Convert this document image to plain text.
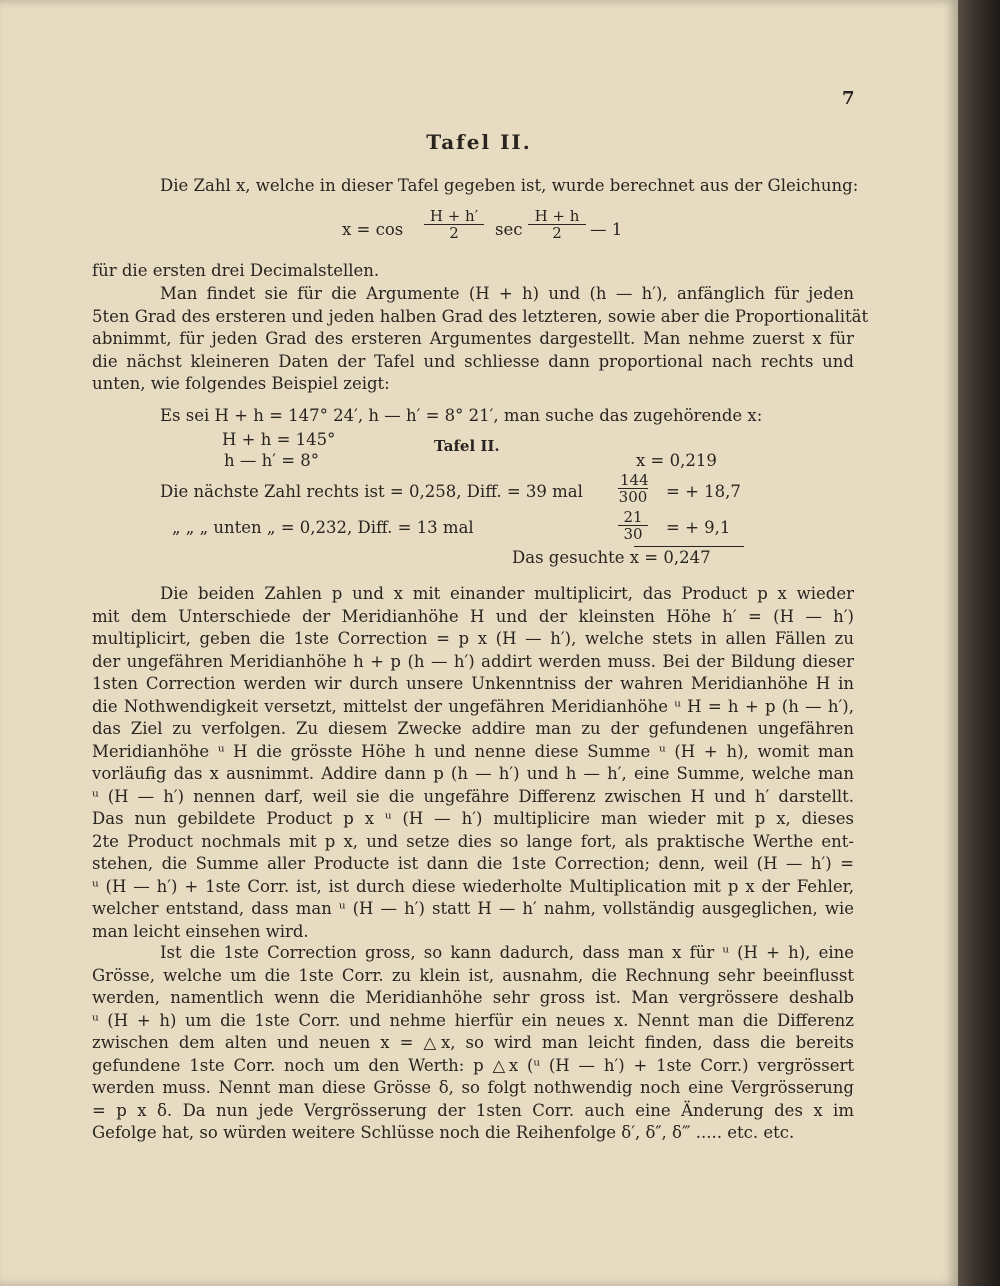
7
Tafel II.
Die Zahl x, welche in dieser Tafel gegeben ist, wurde berechnet aus der Gleichung:
$x = \cos \frac{H + h'}{2}$ $\sec \frac{H + h}{2}$ — 1
für die ersten drei Decimalstellen.
Man findet sie für die Argumente (H + h) und (h — h′), anfänglich für jeden
5ten Grad des ersteren und jeden halben Grad des letzteren, sowie aber die Proportionalität
abnimmt, für jeden Grad des ersteren Argumentes dargestellt. Man nehme zuerst x für
die nächst kleineren Daten der Tafel und schliesse dann proportional nach rechts und
unten, wie folgendes Beispiel zeigt:
Es sei H + h = 147° 24′, h — h′ = 8° 21′, man suche das zugehörende x:
H + h = 145°	Tafel II.
h — h′ = 8°	x = 0,219
Die nächste Zahl rechts ist = 0,258, Diff. = 39 mal $\frac{144}{300}$ = + 18,7
„ „ „ unten „ = 0,232, Diff. = 13 mal	$\frac{21}{30}$ = + 9,1
Das gesuchte x = 0,247
Die beiden Zahlen p und x mit einander multiplicirt, das Product p x wieder
mit dem Unterschiede der Meridianhöhe H und der kleinsten Höhe h′ = (H — h′)
multiplicirt, geben die 1ste Correction = p x (H — h′), welche stets in allen Fällen zu
der ungefähren Meridianhöhe h + p (h — h′) addirt werden muss. Bei der Bildung dieser
1sten Correction werden wir durch unsere Unkenntniss der wahren Meridianhöhe H in
die Nothwendigkeit versetzt, mittelst der ungefähren Meridianhöhe ᵘ H = h + p (h — h′),
das Ziel zu verfolgen. Zu diesem Zwecke addire man zu der gefundenen ungefähren
Meridianhöhe ᵘ H die grösste Höhe h und nenne diese Summe ᵘ (H + h), womit man
vorläufig das x ausnimmt. Addire dann p (h — h′) und h — h′, eine Summe, welche man
ᵘ (H — h′) nennen darf, weil sie die ungefähre Differenz zwischen H und h′ darstellt.
Das nun gebildete Product p x ᵘ (H — h′) multiplicire man wieder mit p x, dieses
2te Product nochmals mit p x, und setze dies so lange fort, als praktische Werthe ent-
stehen, die Summe aller Producte ist dann die 1ste Correction; denn, weil (H — h′) =
ᵘ (H — h′) + 1ste Corr. ist, ist durch diese wiederholte Multiplication mit p x der Fehler,
welcher entstand, dass man ᵘ (H — h′) statt H — h′ nahm, vollständig ausgeglichen, wie
man leicht einsehen wird.
Ist die 1ste Correction gross, so kann dadurch, dass man x für ᵘ (H + h), eine
Grösse, welche um die 1ste Corr. zu klein ist, ausnahm, die Rechnung sehr beeinflusst
werden, namentlich wenn die Meridianhöhe sehr gross ist. Man vergrössere deshalb
ᵘ (H + h) um die 1ste Corr. und nehme hierfür ein neues x. Nennt man die Differenz
zwischen dem alten und neuen x = △x, so wird man leicht finden, dass die bereits
gefundene 1ste Corr. noch um den Werth: p △x (ᵘ (H — h′) + 1ste Corr.) vergrössert
werden muss. Nennt man diese Grösse δ, so folgt nothwendig noch eine Vergrösserung
= p x δ. Da nun jede Vergrösserung der 1sten Corr. auch eine Änderung des x im
Gefolge hat, so würden weitere Schlüsse noch die Reihenfolge δ′, δ″, δ‴ ..... etc. etc.
